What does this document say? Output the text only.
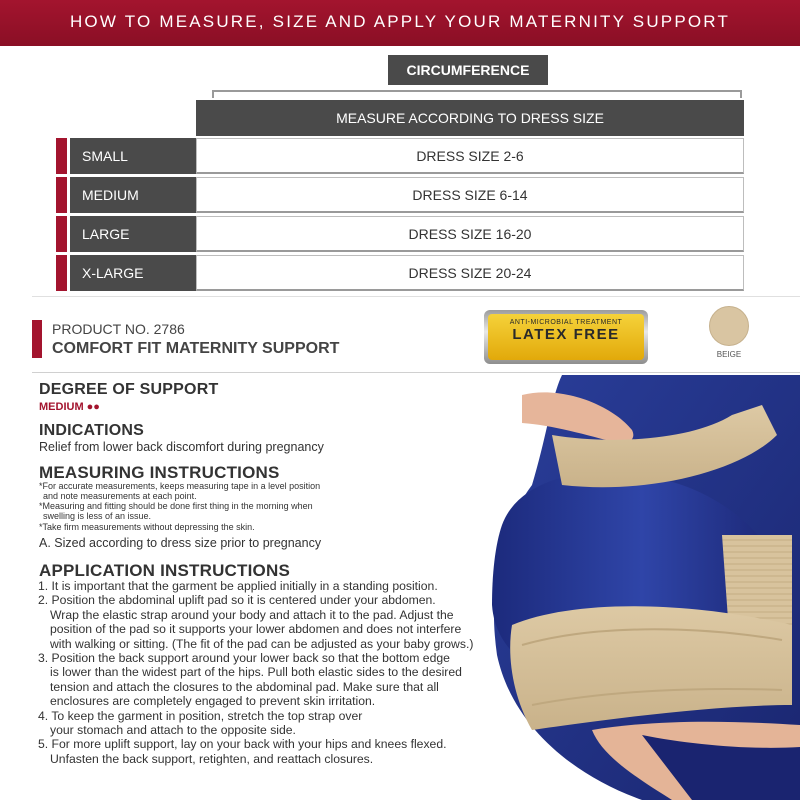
HOW TO MEASURE, SIZE AND APPLY YOUR MATERNITY SUPPORT
CIRCUMFERENCE
MEASURE ACCORDING TO DRESS SIZE
SMALL	DRESS SIZE 2-6
MEDIUM	DRESS SIZE 6-14
LARGE	DRESS SIZE 16-20
X-LARGE	DRESS SIZE 20-24
PRODUCT NO. 2786
COMFORT FIT MATERNITY SUPPORT
ANTI-MICROBIAL TREATMENT
LATEX FREE
BEIGE
DEGREE OF SUPPORT
MEDIUM ●●
INDICATIONS
Relief from lower back discomfort during pregnancy
MEASURING INSTRUCTIONS
*For accurate measurements, keeps measuring tape in a level position
and note measurements at each point.
*Measuring and fitting should be done first thing in the morning when
swelling is less of an issue.
*Take firm measurements without depressing the skin.
A. Sized according to dress size prior to pregnancy
APPLICATION INSTRUCTIONS
1. It is important that the garment be applied initially in a standing position.
2. Position the abdominal uplift pad so it is centered under your abdomen.
Wrap the elastic strap around your body and attach it to the pad. Adjust the
position of the pad so it supports your lower abdomen and does not interfere
with walking or sitting. (The fit of the pad can be adjusted as your baby grows.)
3. Position the back support around your lower back so that the bottom edge
is lower than the widest part of the hips. Pull both elastic sides to the desired
tension and attach the closures to the abdominal pad. Make sure that all
enclosures are completely engaged to prevent skin irritation.
4. To keep the garment in position, stretch the top strap over
your stomach and attach to the opposite side.
5. For more uplift support, lay on your back with your hips and knees flexed.
Unfasten the back support, retighten, and reattach closures.
